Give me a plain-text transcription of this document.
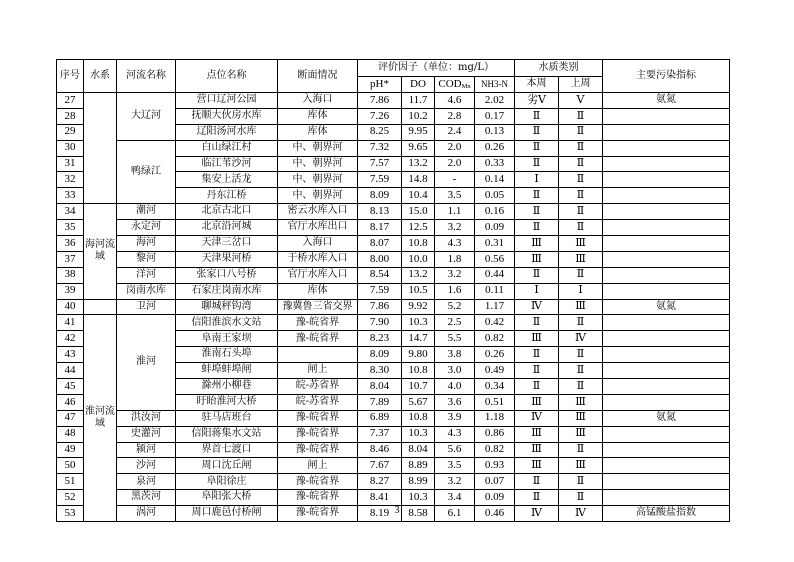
序号	水系	河流名称	点位名称	断面情况	评价因子（单位：mg/L）				水质类别		主要污染指标
					pH*	DO	CODMn	NH3-N	本周	上周	
27		大辽河	营口辽河公园	入海口	7.86	11.7	4.6	2.02	劣Ⅴ	Ⅴ	氨氮
28			抚顺大伙房水库	库体	7.26	10.2	2.8	0.17	Ⅱ	Ⅱ	
29			辽阳汤河水库	库体	8.25	9.95	2.4	0.13	Ⅱ	Ⅱ	
30		鸭绿江	白山绿江村	中、朝界河	7.32	9.65	2.0	0.26	Ⅱ	Ⅱ	
31			临江苇沙河	中、朝界河	7.57	13.2	2.0	0.33	Ⅱ	Ⅱ	
32			集安上活龙	中、朝界河	7.59	14.8	-	0.14	Ⅰ	Ⅱ	
33			丹东江桥	中、朝界河	8.09	10.4	3.5	0.05	Ⅱ	Ⅱ	
34	海河流域	潮河	北京古北口	密云水库入口	8.13	15.0	1.1	0.16	Ⅱ	Ⅱ	
35		永定河	北京沿河城	官厅水库出口	8.17	12.5	3.2	0.09	Ⅱ	Ⅱ	
36		海河	天津三岔口	入海口	8.07	10.8	4.3	0.31	Ⅲ	Ⅲ	
37		黎河	天津果河桥	于桥水库入口	8.00	10.0	1.8	0.56	Ⅲ	Ⅲ	
38		洋河	张家口八号桥	官厅水库入口	8.54	13.2	3.2	0.44	Ⅱ	Ⅱ	
39		岗南水库	石家庄岗南水库	库体	7.59	10.5	1.6	0.11	Ⅰ	Ⅰ	
40		卫河	聊城秤钩湾	豫冀鲁三省交界	7.86	9.92	5.2	1.17	Ⅳ	Ⅲ	氨氮
41	淮河流域	淮河	信阳淮滨水文站	豫-皖省界	7.90	10.3	2.5	0.42	Ⅱ	Ⅱ	
42			阜南王家坝	豫-皖省界	8.23	14.7	5.5	0.82	Ⅲ	Ⅳ	
43			淮南石头埠		8.09	9.80	3.8	0.26	Ⅱ	Ⅱ	
44			蚌埠蚌埠闸	闸上	8.30	10.8	3.0	0.49	Ⅱ	Ⅱ	
45			滁州小柳巷	皖-苏省界	8.04	10.7	4.0	0.34	Ⅱ	Ⅱ	
46			盱眙淮河大桥	皖-苏省界	7.89	5.67	3.6	0.51	Ⅲ	Ⅲ	
47		洪汝河	驻马店班台	豫-皖省界	6.89	10.8	3.9	1.18	Ⅳ	Ⅲ	氨氮
48		史灌河	信阳蒋集水文站	豫-皖省界	7.37	10.3	4.3	0.86	Ⅲ	Ⅲ	
49		颍河	界首七渡口	豫-皖省界	8.46	8.04	5.6	0.82	Ⅲ	Ⅱ	
50		沙河	周口沈丘闸	闸上	7.67	8.89	3.5	0.93	Ⅲ	Ⅲ	
51		泉河	阜阳徐庄	豫-皖省界	8.27	8.99	3.2	0.07	Ⅱ	Ⅱ	
52		黑茨河	阜阳张大桥	豫-皖省界	8.41	10.3	3.4	0.09	Ⅱ	Ⅱ	
53		涡河	周口鹿邑付桥闸	豫-皖省界	8.19	8.58	6.1	0.46	Ⅳ	Ⅳ	高锰酸盐指数
3
